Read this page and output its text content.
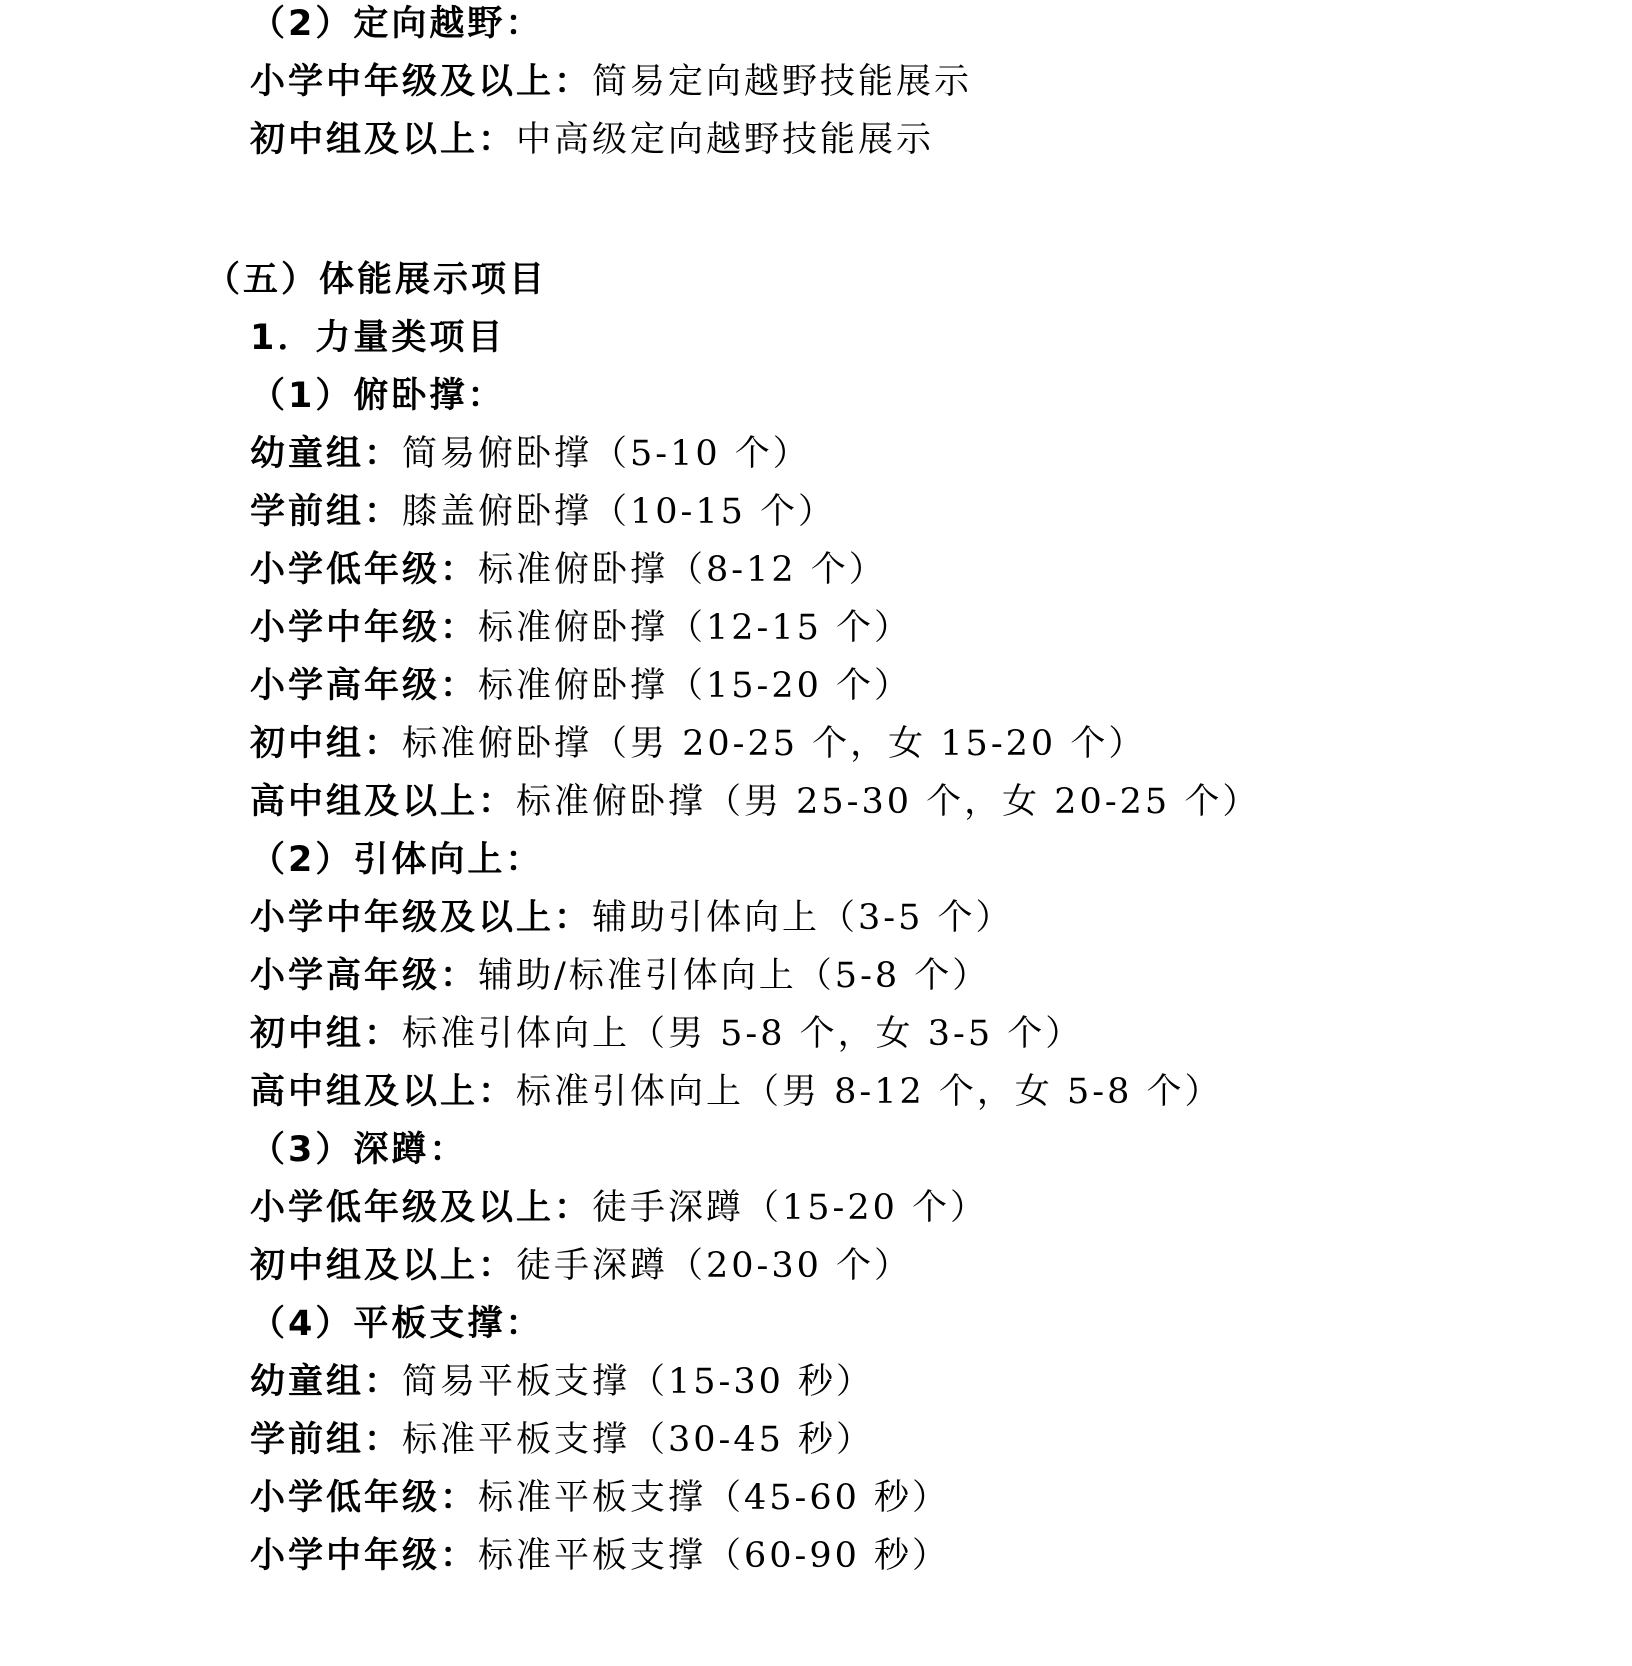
（2）定向越野：
小学中年级及以上：简易定向越野技能展示
初中组及以上：中高级定向越野技能展示
（五）体能展示项目
1．力量类项目
（1）俯卧撑：
幼童组：简易俯卧撑（5-10 个）
学前组：膝盖俯卧撑（10-15 个）
小学低年级：标准俯卧撑（8-12 个）
小学中年级：标准俯卧撑（12-15 个）
小学高年级：标准俯卧撑（15-20 个）
初中组：标准俯卧撑（男 20-25 个，女 15-20 个）
高中组及以上：标准俯卧撑（男 25-30 个，女 20-25 个）
（2）引体向上：
小学中年级及以上：辅助引体向上（3-5 个）
小学高年级：辅助/标准引体向上（5-8 个）
初中组：标准引体向上（男 5-8 个，女 3-5 个）
高中组及以上：标准引体向上（男 8-12 个，女 5-8 个）
（3）深蹲：
小学低年级及以上：徒手深蹲（15-20 个）
初中组及以上：徒手深蹲（20-30 个）
（4）平板支撑：
幼童组：简易平板支撑（15-30 秒）
学前组：标准平板支撑（30-45 秒）
小学低年级：标准平板支撑（45-60 秒）
小学中年级：标准平板支撑（60-90 秒）
